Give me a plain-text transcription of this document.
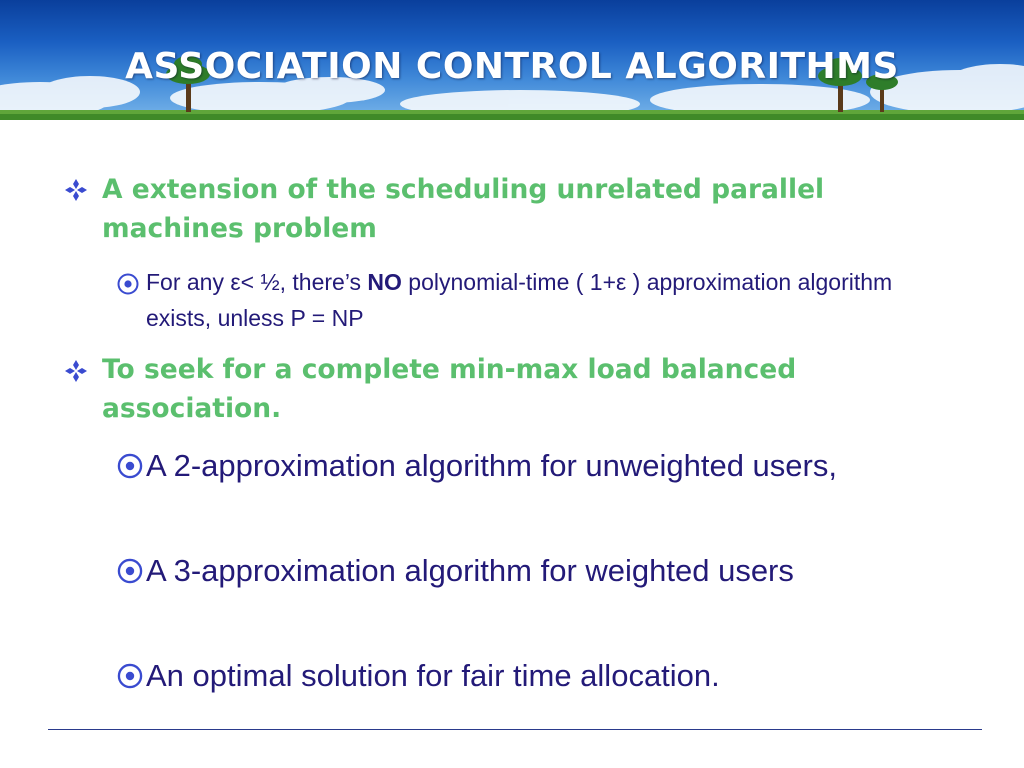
ASSOCIATION CONTROL ALGORITHMS
A extension of the scheduling unrelated parallel machines problem
For any ε< ½, there’s NO polynomial-time ( 1+ε ) approximation algorithm exists, unless P = NP
To seek for a complete min-max load balanced association.
A 2-approximation algorithm for unweighted users,
A 3-approximation algorithm for weighted users
An optimal solution for fair time allocation.
